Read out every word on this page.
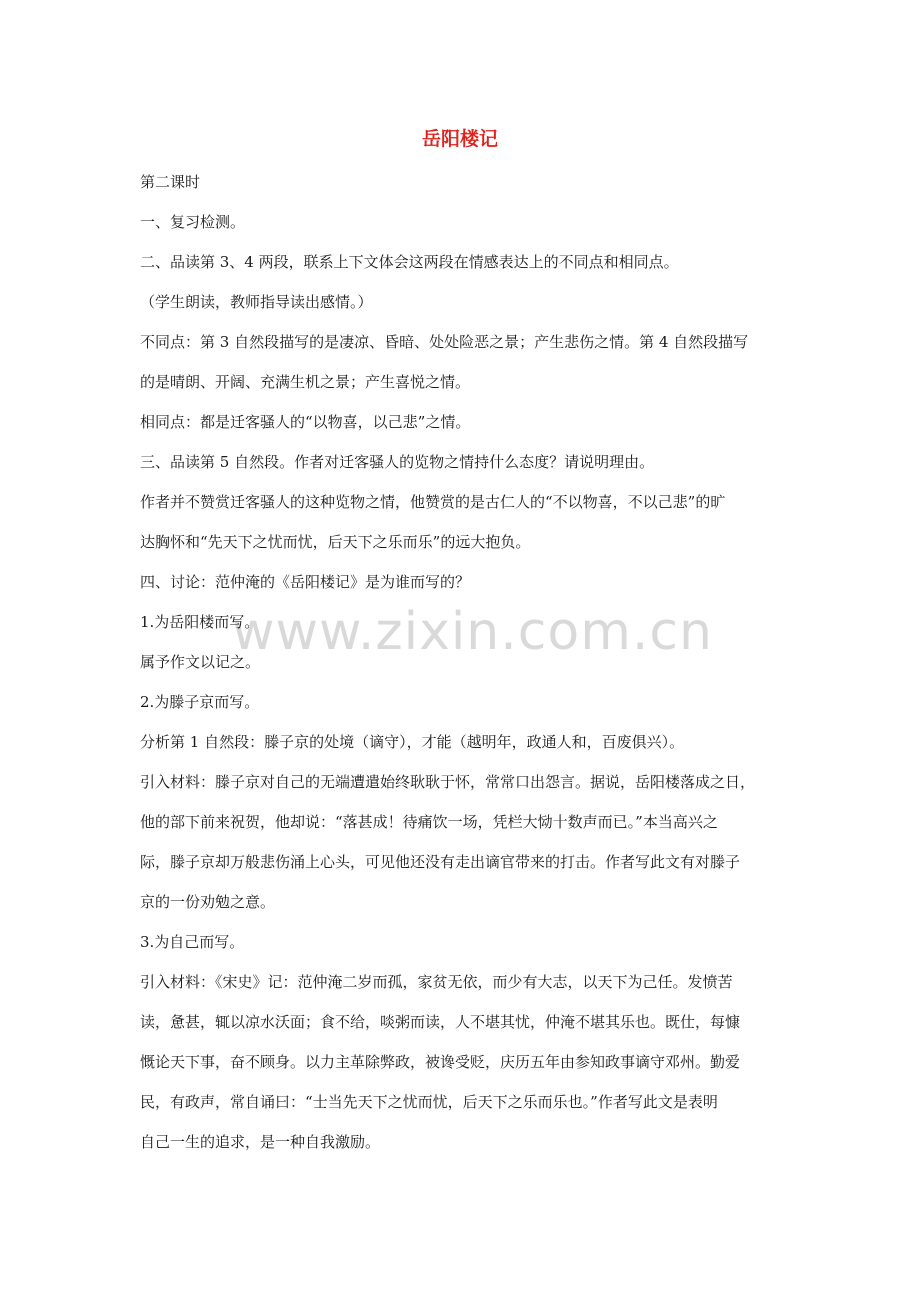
岳阳楼记
www.zixin.com.cn
第二课时
一、复习检测。
二、品读第 3、4 两段，联系上下文体会这两段在情感表达上的不同点和相同点。
（学生朗读，教师指导读出感情。）
不同点：第 3 自然段描写的是凄凉、昏暗、处处险恶之景；产生悲伤之情。第 4 自然段描写
的是晴朗、开阔、充满生机之景；产生喜悦之情。
相同点：都是迁客骚人的“以物喜，以己悲”之情。
三、品读第 5 自然段。作者对迁客骚人的览物之情持什么态度？请说明理由。
作者并不赞赏迁客骚人的这种览物之情，他赞赏的是古仁人的“不以物喜，不以己悲”的旷
达胸怀和“先天下之忧而忧，后天下之乐而乐”的远大抱负。
四、讨论：范仲淹的《岳阳楼记》是为谁而写的？
1.为岳阳楼而写。
属予作文以记之。
2.为滕子京而写。
分析第 1 自然段：滕子京的处境（谪守），才能（越明年，政通人和，百废俱兴）。
引入材料：滕子京对自己的无端遭遣始终耿耿于怀，常常口出怨言。据说，岳阳楼落成之日，
他的部下前来祝贺，他却说：“落甚成！待痛饮一场，凭栏大恸十数声而已。”本当高兴之
际，滕子京却万般悲伤涌上心头，可见他还没有走出谪官带来的打击。作者写此文有对滕子
京的一份劝勉之意。
3.为自己而写。
引入材料：《宋史》记：范仲淹二岁而孤，家贫无依，而少有大志，以天下为己任。发愤苦
读，惫甚，辄以凉水沃面；食不给，啖粥而读，人不堪其忧，仲淹不堪其乐也。既仕，每慷
慨论天下事，奋不顾身。以力主革除弊政，被谗受贬，庆历五年由参知政事谪守邓州。勤爱
民，有政声，常自诵曰：“士当先天下之忧而忧，后天下之乐而乐也。”作者写此文是表明
自己一生的追求，是一种自我激励。
